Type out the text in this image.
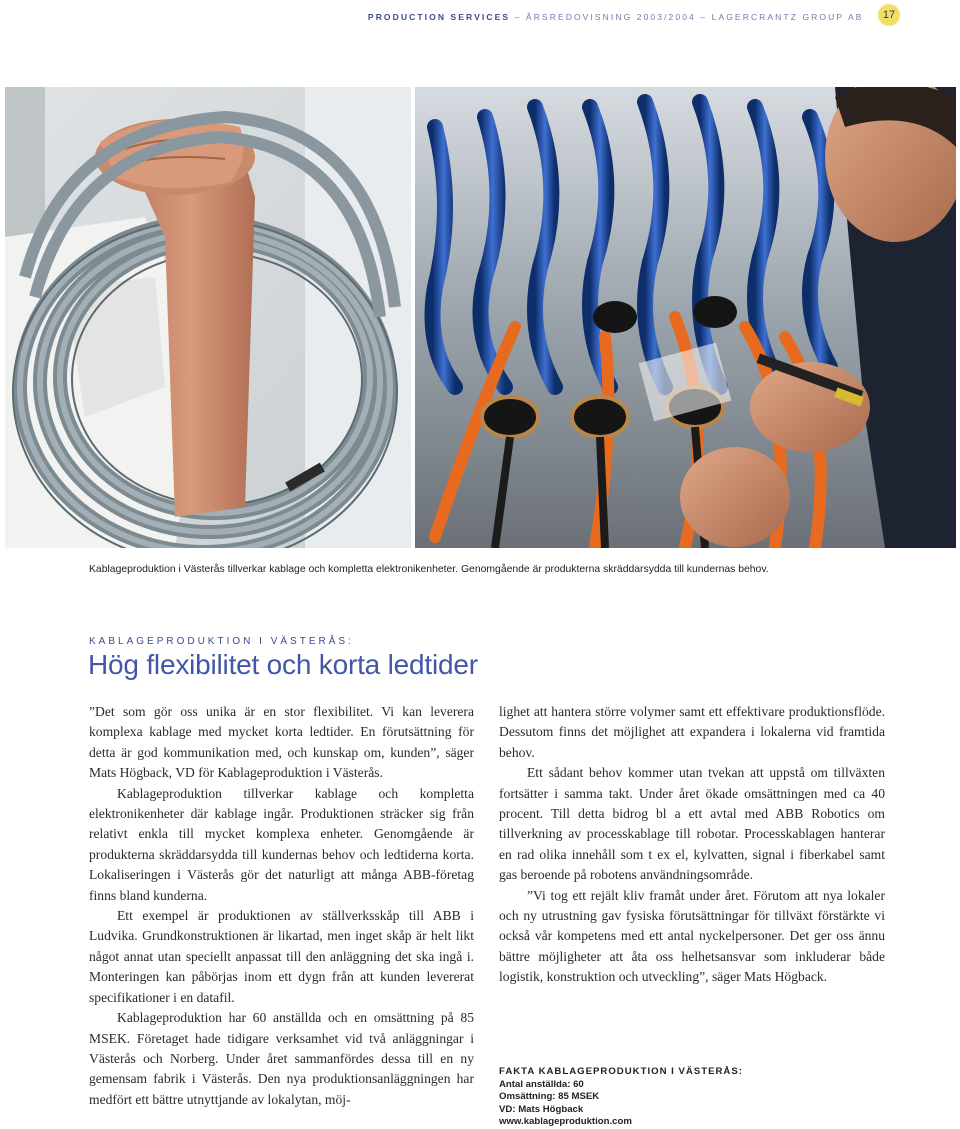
PRODUCTION SERVICES – ÅRSREDOVISNING 2003/2004 – LAGERCRANTZ GROUP AB	17
Kablageproduktion i Västerås tillverkar kablage och kompletta elektronikenheter. Genomgående är produkterna skräddarsydda till kundernas behov.
KABLAGEPRODUKTION I VÄSTERÅS:
Hög flexibilitet och korta ledtider

”Det som gör oss unika är en stor flexibilitet. Vi kan leverera komplexa kablage med mycket korta ledtider. En förutsättning för detta är god kommunikation med, och kunskap om, kunden”, säger Mats Högback, VD för Kablageproduktion i Västerås.

Kablageproduktion tillverkar kablage och kompletta elektronikenheter där kablage ingår. Produktionen sträcker sig från relativt enkla till mycket komplexa enheter. Genomgående är produkterna skräddarsydda till kundernas behov och ledtiderna korta. Lokaliseringen i Västerås gör det naturligt att många ABB-företag finns bland kunderna.

Ett exempel är produktionen av ställverksskåp till ABB i Ludvika. Grundkonstruktionen är likartad, men inget skåp är helt likt något annat utan speciellt anpassat till den anläggning det ska ingå i. Monteringen kan påbörjas inom ett dygn från att kunden levererat specifikationer i en datafil.

Kablageproduktion har 60 anställda och en omsättning på 85 MSEK. Företaget hade tidigare verksamhet vid två anläggningar i Västerås och Norberg. Under året sammanfördes dessa till en ny gemensam fabrik i Västerås. Den nya produktionsanläggningen har medfört ett bättre utnyttjande av lokalytan, möj-

lighet att hantera större volymer samt ett effektivare produktionsflöde. Dessutom finns det möjlighet att expandera i lokalerna vid framtida behov.

Ett sådant behov kommer utan tvekan att uppstå om tillväxten fortsätter i samma takt. Under året ökade omsättningen med ca 40 procent. Till detta bidrog bl a ett avtal med ABB Robotics om tillverkning av processkablage till robotar. Processkablagen hanterar en rad olika innehåll som t ex el, kylvatten, signal i fiberkabel samt gas beroende på robotens användningsområde.

”Vi tog ett rejält kliv framåt under året. Förutom att nya lokaler och ny utrustning gav fysiska förutsättningar för tillväxt förstärkte vi också vår kompetens med ett antal nyckelpersoner. Det ger oss ännu bättre möjligheter att åta oss helhetsansvar som inkluderar både logistik, konstruktion och utveckling”, säger Mats Högback.

FAKTA KABLAGEPRODUKTION I VÄSTERÅS:
Antal anställda: 60
Omsättning: 85 MSEK
VD: Mats Högback
www.kablageproduktion.com
